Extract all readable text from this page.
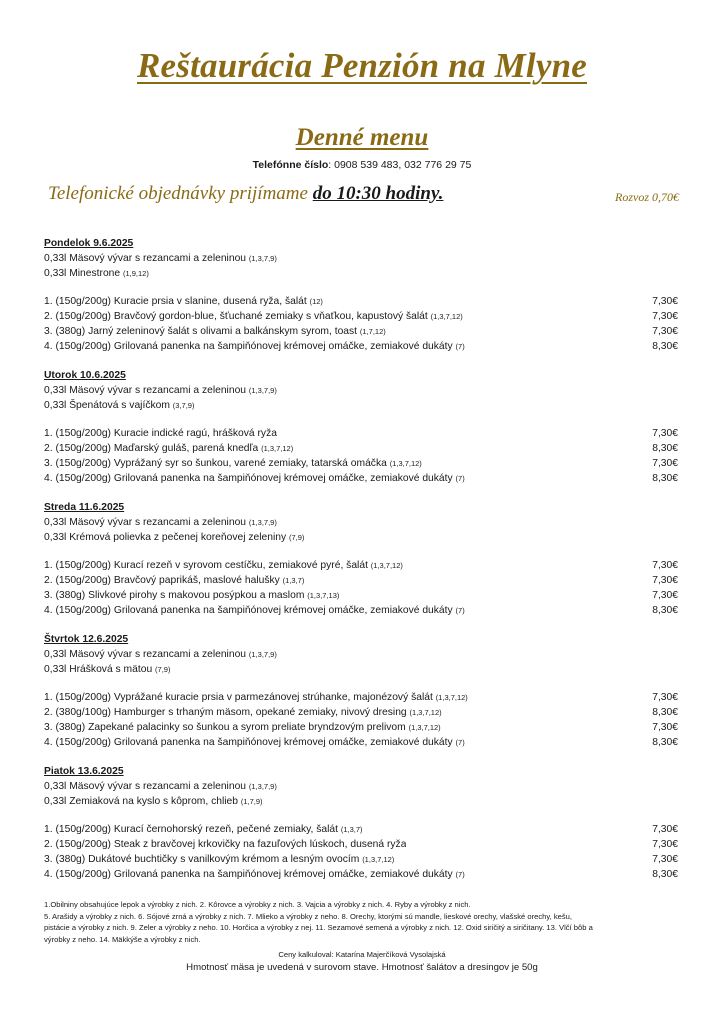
Reštaurácia Penzión na Mlyne
Denné menu
Telefónne číslo: 0908 539 483, 032 776 29 75
Telefonické objednávky prijímame do 10:30 hodiny.	Rozvoz 0,70€
Pondelok 9.6.2025
0,33l Mäsový vývar s rezancami a zeleninou (1,3,7,9)
0,33l Minestrone (1,9,12)
1. (150g/200g) Kuracie prsia v slanine, dusená ryža, šalát (12)	7,30€
2. (150g/200g) Bravčový gordon-blue, šťuchané zemiaky s vňaťkou, kapustový šalát (1,3,7,12)	7,30€
3. (380g) Jarný zeleninový šalát s olivami a balkánskym syrom, toast (1,7,12)	7,30€
4. (150g/200g) Grilovaná panenka na šampiňónovej krémovej omáčke, zemiakové dukáty (7)	8,30€
Utorok 10.6.2025
0,33l Mäsový vývar s rezancami a zeleninou (1,3,7,9)
0,33l Špenátová s vajíčkom (3,7,9)
1. (150g/200g) Kuracie indické ragú, hrášková ryža	7,30€
2. (150g/200g) Maďarský guláš, parená knedľa (1,3,7,12)	8,30€
3. (150g/200g) Vyprážaný syr so šunkou, varené zemiaky, tatarská omáčka (1,3,7,12)	7,30€
4. (150g/200g) Grilovaná panenka na šampiňónovej krémovej omáčke, zemiakové dukáty (7)	8,30€
Streda 11.6.2025
0,33l Mäsový vývar s rezancami a zeleninou (1,3,7,9)
0,33l Krémová polievka z pečenej koreňovej zeleniny (7,9)
1. (150g/200g) Kurací rezeň v syrovom cestíčku, zemiakové pyré, šalát (1,3,7,12)	7,30€
2. (150g/200g) Bravčový paprikáš, maslové halušky (1,3,7)	7,30€
3. (380g) Slivkové pirohy s makovou posýpkou a maslom (1,3,7,13)	7,30€
4. (150g/200g) Grilovaná panenka na šampiňónovej krémovej omáčke, zemiakové dukáty (7)	8,30€
Štvrtok 12.6.2025
0,33l Mäsový vývar s rezancami a zeleninou (1,3,7,9)
0,33l Hrášková s mätou (7,9)
1. (150g/200g) Vyprážané kuracie prsia v parmezánovej strúhanke, majonézový šalát (1,3,7,12)	7,30€
2. (380g/100g) Hamburger s trhaným mäsom, opekané zemiaky, nivový dresing (1,3,7,12)	8,30€
3. (380g) Zapekané palacinky so šunkou a syrom preliate bryndzovým prelivom (1,3,7,12)	7,30€
4. (150g/200g) Grilovaná panenka na šampiňónovej krémovej omáčke, zemiakové dukáty (7)	8,30€
Piatok 13.6.2025
0,33l Mäsový vývar s rezancami a zeleninou (1,3,7,9)
0,33l Zemiaková na kyslo s kôprom, chlieb (1,7,9)
1. (150g/200g) Kurací černohorský rezeň, pečené zemiaky, šalát (1,3,7)	7,30€
2. (150g/200g) Steak z bravčovej krkovičky na fazuľových lúskoch, dusená ryža	7,30€
3. (380g) Dukátové buchtičky s vanilkovým krémom a lesným ovocím (1,3,7,12)	7,30€
4. (150g/200g) Grilovaná panenka na šampiňónovej krémovej omáčke, zemiakové dukáty (7)	8,30€
1.Obilniny obsahujúce lepok a výrobky z nich. 2. Kôrovce a výrobky z nich. 3. Vajcia a výrobky z nich. 4. Ryby a výrobky z nich.
5. Arašidy a výrobky z nich. 6. Sójové zrná a výrobky z nich. 7. Mlieko a výrobky z neho. 8. Orechy, ktorými sú mandle, lieskové orechy, vlašské orechy, kešu,
pistácie a výrobky z nich. 9. Zeler a výrobky z neho. 10. Horčica a výrobky z nej. 11. Sezamové semená a výrobky z nich. 12. Oxid siričitý a siričitany. 13. Vlčí bôb a
výrobky z neho. 14. Mäkkýše a výrobky z nich.
Ceny kalkuloval: Katarína Majerčíková Vysolajská
Hmotnosť mäsa je uvedená v surovom stave. Hmotnosť šalátov a dresingov je 50g
